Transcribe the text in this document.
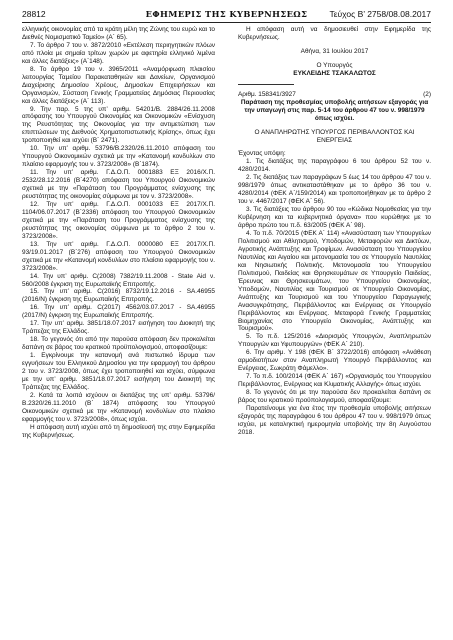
28812	ΕΦΗΜΕΡΙΣ ΤΗΣ ΚΥΒΕΡΝΗΣΕΩΣ	Τεύχος Β’ 2758/08.08.2017

ελληνικής οικονομίας από τα κράτη μέλη της Ζώνης του ευρώ και το Διεθνές Νομισματικό Ταμείο» (Α΄ 65).

7. Το άρθρο 7 του ν. 3872/2010 «Εκτέλεση περιηγητικών πλόων από πλοία με σημαία τρίτων χωρών με αφετηρία ελληνικό λιμένα και άλλες διατάξεις» (Α΄148).

8. Το άρθρο 19 του ν. 3965/2011 «Αναμόρφωση πλαισίου λειτουργίας Ταμείου Παρακαταθηκών και Δανείων, Οργανισμού Διαχείρισης Δημοσίου Χρέους, Δημοσίων Επιχειρήσεων και Οργανισμών, Σύσταση Γενικής Γραμματείας Δημόσιας Περιουσίας και άλλες διατάξεις» (Α΄ 113).

9. Την παρ. 5 της υπ’ αριθμ. 54201/Β. 2884/26.11.2008 απόφασης του Υπουργού Οικονομίας και Οικονομικών «Ενίσχυση της Ρευστότητας της Οικονομίας για την αντιμετώπιση των επιπτώσεων της Διεθνούς Χρηματοπιστωτικής Κρίσης», όπως έχει τροποποιηθεί και ισχύει (Β΄ 2471).

10. Την υπ’ αριθμ. 53796/Β.2320/26.11.2010 απόφαση του Υπουργού Οικονομικών σχετικά με την «Κατανομή κονδυλίων στο πλαίσιο εφαρμογής του ν. 3723/2008» (Β΄1874).

11. Την υπ’ αριθμ. Γ.Δ.Ο.Π. 0001883 ΕΞ 2016/Χ.Π. 2532/28.12.2016 (Β΄4270) απόφαση του Υπουργού Οικονομικών σχετικά με την «Παράταση του Προγράμματος ενίσχυσης της ρευστότητας της οικονομίας σύμφωνα με τον ν. 3723/2008».

12. Την υπ’ αριθμ. Γ.Δ.Ο.Π. 0001033 ΕΞ 2017/Χ.Π. 1104/06.07.2017 (Β΄2336) απόφαση του Υπουργού Οικονομικών σχετικά με την «Παράταση του Προγράμματος ενίσχυσης της ρευστότητας της οικονομίας σύμφωνα με το άρθρο 2 του ν. 3723/2008».

13. Την υπ’ αριθμ. Γ.Δ.Ο.Π. 0000080 ΕΞ 2017/Χ.Π. 93/19.01.2017 (Β΄276) απόφαση του Υπουργού Οικονομικών σχετικά με την «Κατανομή κονδυλίων στο πλαίσιο εφαρμογής του ν. 3723/2008».

14. Την υπ’ αριθμ. C(2008) 7382/19.11.2008 - State Aid ν. 560/2008 έγκριση της Ευρωπαϊκής Επιτροπής.

15. Την υπ’ αριθμ. C(2016) 8732/19.12.2016 - SA.46955 (2016/N) έγκριση της Ευρωπαϊκής Επιτροπής.

16. Την υπ’ αριθμ. C(2017) 4562/03.07.2017 - SA.46955 (2017/N) έγκριση της Ευρωπαϊκής Επιτροπής.

17. Την υπ’ αριθμ. 3851/18.07.2017 εισήγηση του Διοικητή της Τράπεζας της Ελλάδος.

18. Το γεγονός ότι από την παρούσα απόφαση δεν προκαλείται δαπάνη σε βάρος του κρατικού προϋπολογισμού, αποφασίζουμε:

1. Εγκρίνουμε την κατανομή ανά πιστωτικό ίδρυμα των εγγυήσεων του Ελληνικού Δημοσίου για την εφαρμογή του άρθρου 2 του ν. 3723/2008, όπως έχει τροποποιηθεί και ισχύει, σύμφωνα με την υπ’ αριθμ. 3851/18.07.2017 εισήγηση του Διοικητή της Τράπεζας της Ελλάδος.

2. Κατά τα λοιπά ισχύουν οι διατάξεις της υπ’ αριθμ. 53796/Β.2320/26.11.2010 (Β΄ 1874) απόφασης του Υπουργού Οικονομικών σχετικά με την «Κατανομή κονδυλίων στο πλαίσιο εφαρμογής του ν. 3723/2008», όπως ισχύει.

Η απόφαση αυτή ισχύει από τη δημοσίευσή της στην Εφημερίδα της Κυβερνήσεως.

Η απόφαση αυτή να δημοσιευθεί στην Εφημερίδα της Κυβερνήσεως.

Αθήνα, 31 Ιουλίου 2017

Ο Υπουργός

ΕΥΚΛΕΙΔΗΣ ΤΣΑΚΑΛΩΤΟΣ

Αριθμ. 158341/3927	(2)

Παράταση της προθεσμίας υποβολής αιτήσεων εξαγοράς για την υπαγωγή στις παρ. 5-14 του άρθρου 47 του ν. 998/1979 όπως ισχύει.

Ο ΑΝΑΠΛΗΡΩΤΗΣ ΥΠΟΥΡΓΟΣ ΠΕΡΙΒΑΛΛΟΝΤΟΣ ΚΑΙ ΕΝΕΡΓΕΙΑΣ

Έχοντας υπόψη:

1. Τις διατάξεις της παραγράφου 6 του άρθρου 52 του ν. 4280/2014.

2. Τις διατάξεις των παραγράφων 5 έως 14 του άρθρου 47 του ν. 998/1979 όπως αντικαταστάθηκαν με το άρθρο 36 του ν. 4280/2014 (ΦΕΚ Α΄/159/2014) και τροποποιήθηκαν με το άρθρο 2 του ν. 4467/2017 (ΦΕΚ Α΄ 56).

3. Τις διατάξεις του άρθρου 90 του «Κώδικα Νομοθεσίας για την Κυβέρνηση και τα κυβερνητικά όργανα» που κυρώθηκε με το άρθρο πρώτο του π.δ. 63/2005 (ΦΕΚ Α΄ 98).

4. Το π.δ. 70/2015 (ΦΕΚ Α΄ 114) «Ανασύσταση των Υπουργείων Πολιτισμού και Αθλητισμού, Υποδομών, Μεταφορών και Δικτύων, Αγροτικής Ανάπτυξης και Τροφίμων. Ανασύσταση του Υπουργείου Ναυτιλίας και Αιγαίου και μετονομασία του σε Υπουργείο Ναυτιλίας και Νησιωτικής Πολιτικής. Μετονομασία του Υπουργείου Πολιτισμού, Παιδείας και Θρησκευμάτων σε Υπουργείο Παιδείας, Έρευνας και Θρησκευμάτων, του Υπουργείου Οικονομίας, Υποδομών, Ναυτιλίας και Τουρισμού σε Υπουργείο Οικονομίας, Ανάπτυξης και Τουρισμού και του Υπουργείου Παραγωγικής Ανασυγκρότησης, Περιβάλλοντος και Ενέργειας σε Υπουργείο Περιβάλλοντος και Ενέργειας. Μεταφορά Γενικής Γραμματείας Βιομηχανίας στο Υπουργείο Οικονομίας, Ανάπτυξης και Τουρισμού».

5. Το π.δ. 125/2016 «Διορισμός Υπουργών, Αναπληρωτών Υπουργών και Υφυπουργών» (ΦΕΚ Α΄ 210).

6. Την αριθμ. Υ 198 (ΦΕΚ Β΄ 3722/2016) απόφαση «Ανάθεση αρμοδιοτήτων στον Αναπληρωτή Υπουργό Περιβάλλοντος και Ενέργειας, Σωκράτη Φάμελλο».

7. Το π.δ. 100/2014 (ΦΕΚ Α΄ 167) «Οργανισμός του Υπουργείου Περιβάλλοντος, Ενέργειας και Κλιματικής Αλλαγής» όπως ισχύει.

8. Το γεγονός ότι με την παρούσα δεν προκαλείται δαπάνη σε βάρος του κρατικού προϋπολογισμού, αποφασίζουμε:

Παρατείνουμε για ένα έτος την προθεσμία υποβολής αιτήσεων εξαγοράς της παραγράφου 6 του άρθρου 47 του ν. 998/1979 όπως ισχύει, με καταληκτική ημερομηνία υποβολής την 8η Αυγούστου 2018.
